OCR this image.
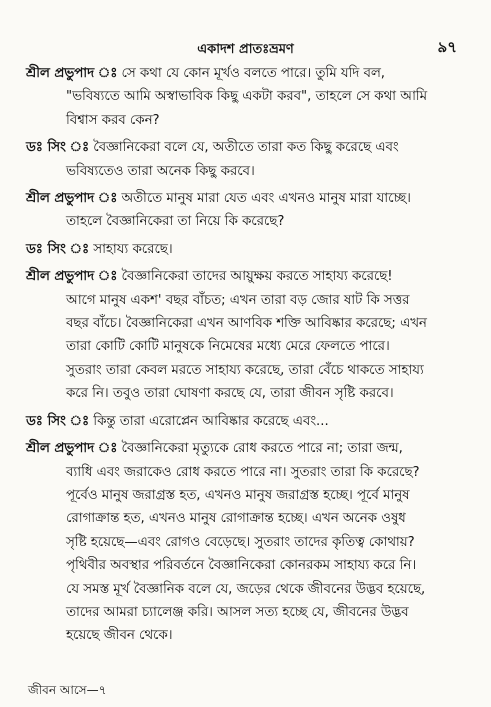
একাদশ প্রাতঃভ্রমণ	৯৭
শ্রীল প্রভুপাদ ঃ সে কথা যে কোন মূর্খও বলতে পারে। তুমি যদি বল,
"ভবিষ্যতে আমি অস্বাভাবিক কিছু একটা করব", তাহলে সে কথা আমি
বিশ্বাস করব কেন?
ডঃ সিং ঃ বৈজ্ঞানিকেরা বলে যে, অতীতে তারা কত কিছু করেছে এবং
ভবিষ্যতেও তারা অনেক কিছু করবে।
শ্রীল প্রভুপাদ ঃ অতীতে মানুষ মারা যেত এবং এখনও মানুষ মারা যাচ্ছে।
তাহলে বৈজ্ঞানিকেরা তা নিয়ে কি করেছে?
ডঃ সিং ঃ সাহায্য করেছে।
শ্রীল প্রভুপাদ ঃ বৈজ্ঞানিকেরা তাদের আয়ুক্ষয় করতে সাহায্য করেছে!
আগে মানুষ একশ' বছর বাঁচত; এখন তারা বড় জোর ষাট কি সত্তর
বছর বাঁচে। বৈজ্ঞানিকেরা এখন আণবিক শক্তি আবিষ্কার করেছে; এখন
তারা কোটি কোটি মানুষকে নিমেষের মধ্যে মেরে ফেলতে পারে।
সুতরাং তারা কেবল মরতে সাহায্য করেছে, তারা বেঁচে থাকতে সাহায্য
করে নি। তবুও তারা ঘোষণা করছে যে, তারা জীবন সৃষ্টি করবে।
ডঃ সিং ঃ কিন্তু তারা এরোপ্লেন আবিষ্কার করেছে এবং...
শ্রীল প্রভুপাদ ঃ বৈজ্ঞানিকেরা মৃত্যুকে রোধ করতে পারে না; তারা জন্ম,
ব্যাধি এবং জরাকেও রোধ করতে পারে না। সুতরাং তারা কি করেছে?
পূর্বেও মানুষ জরাগ্রস্ত হত, এখনও মানুষ জরাগ্রস্ত হচ্ছে। পূর্বে মানুষ
রোগাক্রান্ত হত, এখনও মানুষ রোগাক্রান্ত হচ্ছে। এখন অনেক ওষুধ
সৃষ্টি হয়েছে—এবং রোগও বেড়েছে। সুতরাং তাদের কৃতিত্ব কোথায়?
পৃথিবীর অবস্থার পরিবর্তনে বৈজ্ঞানিকেরা কোনরকম সাহায্য করে নি।
যে সমস্ত মূর্খ বৈজ্ঞানিক বলে যে, জড়ের থেকে জীবনের উদ্ভব হয়েছে,
তাদের আমরা চ্যালেঞ্জ করি। আসল সত্য হচ্ছে যে, জীবনের উদ্ভব
হয়েছে জীবন থেকে।
জীবন আসে—৭
